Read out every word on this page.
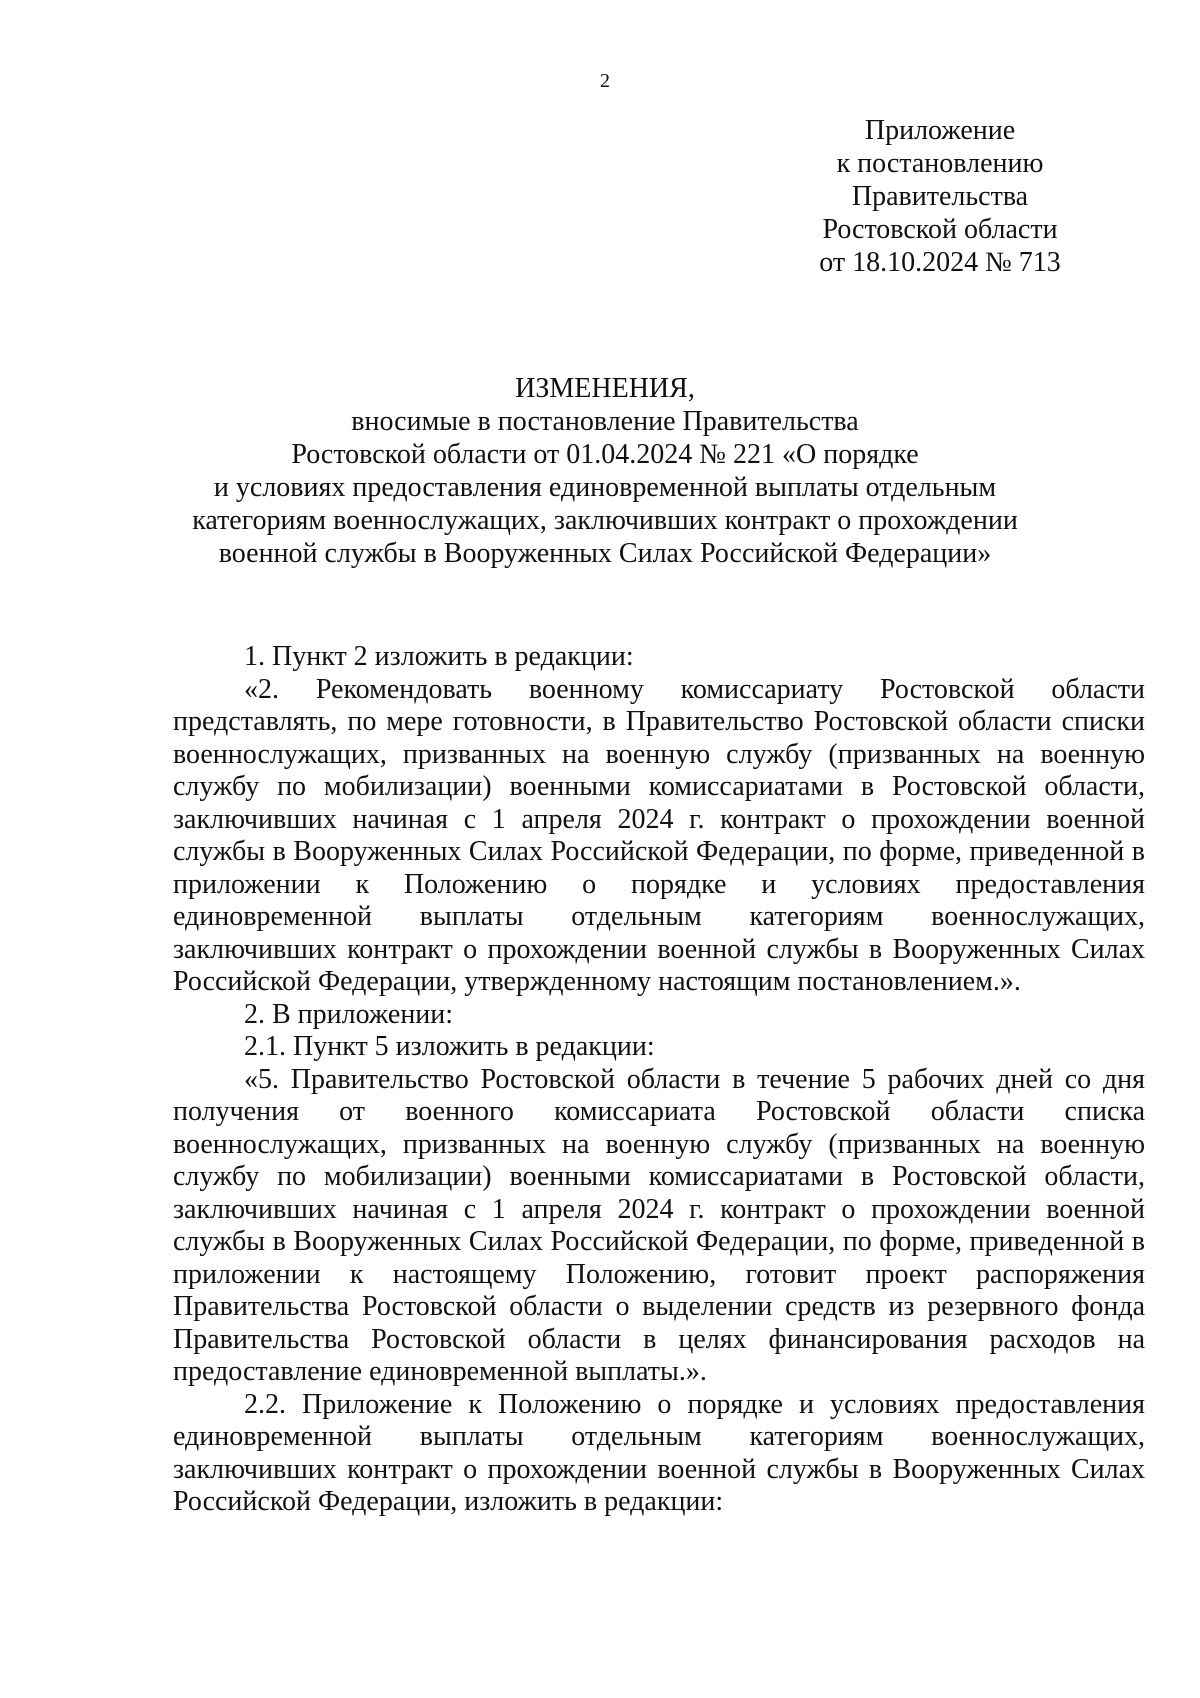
2
Приложение
к постановлению
Правительства
Ростовской области
от 18.10.2024 № 713
ИЗМЕНЕНИЯ,
вносимые в постановление Правительства
Ростовской области от 01.04.2024 № 221 «О порядке
и условиях предоставления единовременной выплаты отдельным
категориям военнослужащих, заключивших контракт о прохождении
военной службы в Вооруженных Силах Российской Федерации»

1. Пункт 2 изложить в редакции:

«2. Рекомендовать военному комиссариату Ростовской области представлять, по мере готовности, в Правительство Ростовской области списки военнослужащих, призванных на военную службу (призванных на военную службу по мобилизации) военными комиссариатами в Ростовской области, заключивших начиная с 1 апреля 2024 г. контракт о прохождении военной службы в Вооруженных Силах Российской Федерации, по форме, приведенной в приложении к Положению о порядке и условиях предоставления единовременной выплаты отдельным категориям военнослужащих, заключивших контракт о прохождении военной службы в Вооруженных Силах Российской Федерации, утвержденному настоящим постановлением.».

2. В приложении:

2.1. Пункт 5 изложить в редакции:

«5. Правительство Ростовской области в течение 5 рабочих дней со дня получения от военного комиссариата Ростовской области списка военнослужащих, призванных на военную службу (призванных на военную службу по мобилизации) военными комиссариатами в Ростовской области, заключивших начиная с 1 апреля 2024 г. контракт о прохождении военной службы в Вооруженных Силах Российской Федерации, по форме, приведенной в приложении к настоящему Положению, готовит проект распоряжения Правительства Ростовской области о выделении средств из резервного фонда Правительства Ростовской области в целях финансирования расходов на предоставление единовременной выплаты.».

2.2. Приложение к Положению о порядке и условиях предоставления единовременной выплаты отдельным категориям военнослужащих, заключивших контракт о прохождении военной службы в Вооруженных Силах Российской Федерации, изложить в редакции:
